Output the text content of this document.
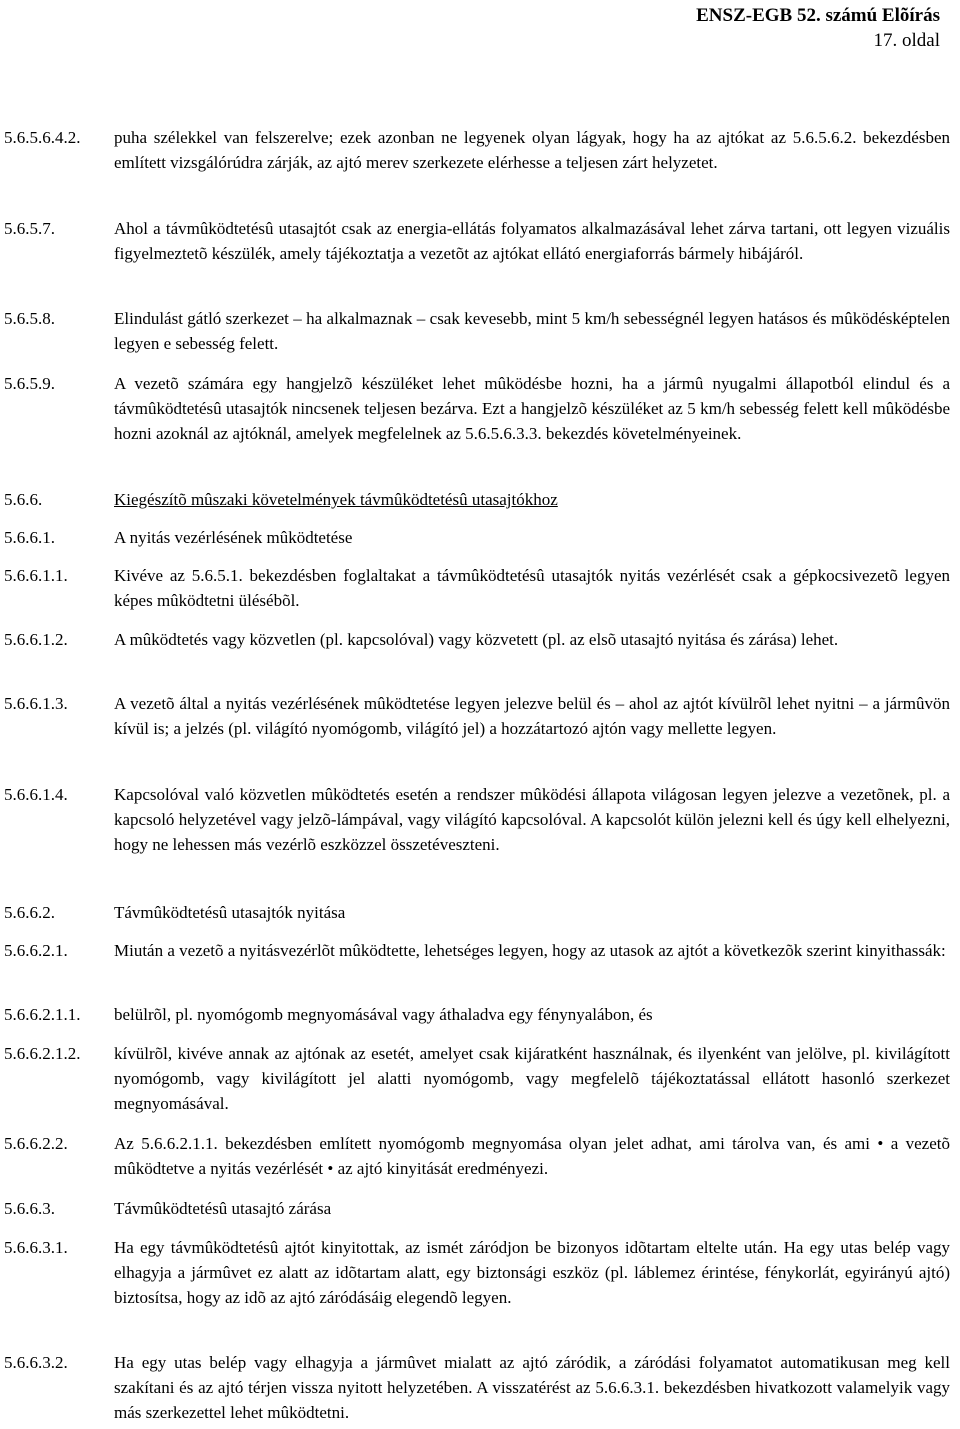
ENSZ-EGB 52. számú Elõírás
17. oldal
5.6.5.6.4.2. puha szélekkel van felszerelve; ezek azonban ne legyenek olyan lágyak, hogy ha az ajtókat az 5.6.5.6.2. bekezdésben említett vizsgálórúdra zárják, az ajtó merev szerkezete elérhesse a teljesen zárt helyzetet.
5.6.5.7.	Ahol a távmûködtetésû utasajtót csak az energia-ellátás folyamatos alkalmazásával lehet zárva tartani, ott legyen vizuális figyelmeztetõ készülék, amely tájékoztatja a vezetõt az ajtókat ellátó energiaforrás bármely hibájáról.
5.6.5.8.	Elindulást gátló szerkezet – ha alkalmaznak – csak kevesebb, mint 5 km/h sebességnél legyen hatásos és mûködésképtelen legyen e sebesség felett.
5.6.5.9.	A vezetõ számára egy hangjelzõ készüléket lehet mûködésbe hozni, ha a jármû nyugalmi állapotból elindul és a távmûködtetésû utasajtók nincsenek teljesen bezárva. Ezt a hangjelzõ készüléket az 5 km/h sebesség felett kell mûködésbe hozni azoknál az ajtóknál, amelyek megfelelnek az 5.6.5.6.3.3. bekezdés követelményeinek.
5.6.6.	Kiegészítõ mûszaki követelmények távmûködtetésû utasajtókhoz
5.6.6.1.	A nyitás vezérlésének mûködtetése
5.6.6.1.1.	Kivéve az 5.6.5.1. bekezdésben foglaltakat a távmûködtetésû utasajtók nyitás vezérlését csak a gépkocsivezetõ legyen képes mûködtetni ülésébõl.
5.6.6.1.2.	A mûködtetés vagy közvetlen (pl. kapcsolóval) vagy közvetett (pl. az elsõ utasajtó nyitása és zárása) lehet.
5.6.6.1.3.	A vezetõ által a nyitás vezérlésének mûködtetése legyen jelezve belül és – ahol az ajtót kívülrõl lehet nyitni – a jármûvön kívül is; a jelzés (pl. világító nyomógomb, világító jel) a hozzátartozó ajtón vagy mellette legyen.
5.6.6.1.4.	Kapcsolóval való közvetlen mûködtetés esetén a rendszer mûködési állapota világosan legyen jelezve a vezetõnek, pl. a kapcsoló helyzetével vagy jelzõ-lámpával, vagy világító kapcsolóval. A kapcsolót külön jelezni kell és úgy kell elhelyezni, hogy ne lehessen más vezérlõ eszközzel összetéveszteni.
5.6.6.2.	Távmûködtetésû utasajtók nyitása
5.6.6.2.1.	Miután a vezetõ a nyitásvezérlõt mûködtette, lehetséges legyen, hogy az utasok az ajtót a következõk szerint kinyithassák:
5.6.6.2.1.1. belülrõl, pl. nyomógomb megnyomásával vagy áthaladva egy fénynyalábon, és
5.6.6.2.1.2. kívülrõl, kivéve annak az ajtónak az esetét, amelyet csak kijáratként használnak, és ilyenként van jelölve, pl. kivilágított nyomógomb, vagy kivilágított jel alatti nyomógomb, vagy megfelelõ tájékoztatással ellátott hasonló szerkezet megnyomásával.
5.6.6.2.2.	Az 5.6.6.2.1.1. bekezdésben említett nyomógomb megnyomása olyan jelet adhat, ami tárolva van, és ami • a vezetõ mûködtetve a nyitás vezérlését • az ajtó kinyitását eredményezi.
5.6.6.3.	Távmûködtetésû utasajtó zárása
5.6.6.3.1.	Ha egy távmûködtetésû ajtót kinyitottak, az ismét záródjon be bizonyos idõtartam eltelte után. Ha egy utas belép vagy elhagyja a jármûvet ez alatt az idõtartam alatt, egy biztonsági eszköz (pl. láblemez érintése, fénykorlát, egyirányú ajtó) biztosítsa, hogy az idõ az ajtó záródásáig elegendõ legyen.
5.6.6.3.2.	Ha egy utas belép vagy elhagyja a jármûvet mialatt az ajtó záródik, a záródási folyamatot automatikusan meg kell szakítani és az ajtó térjen vissza nyitott helyzetében. A visszatérést az 5.6.6.3.1. bekezdésben hivatkozott valamelyik vagy más szerkezettel lehet mûködtetni.
